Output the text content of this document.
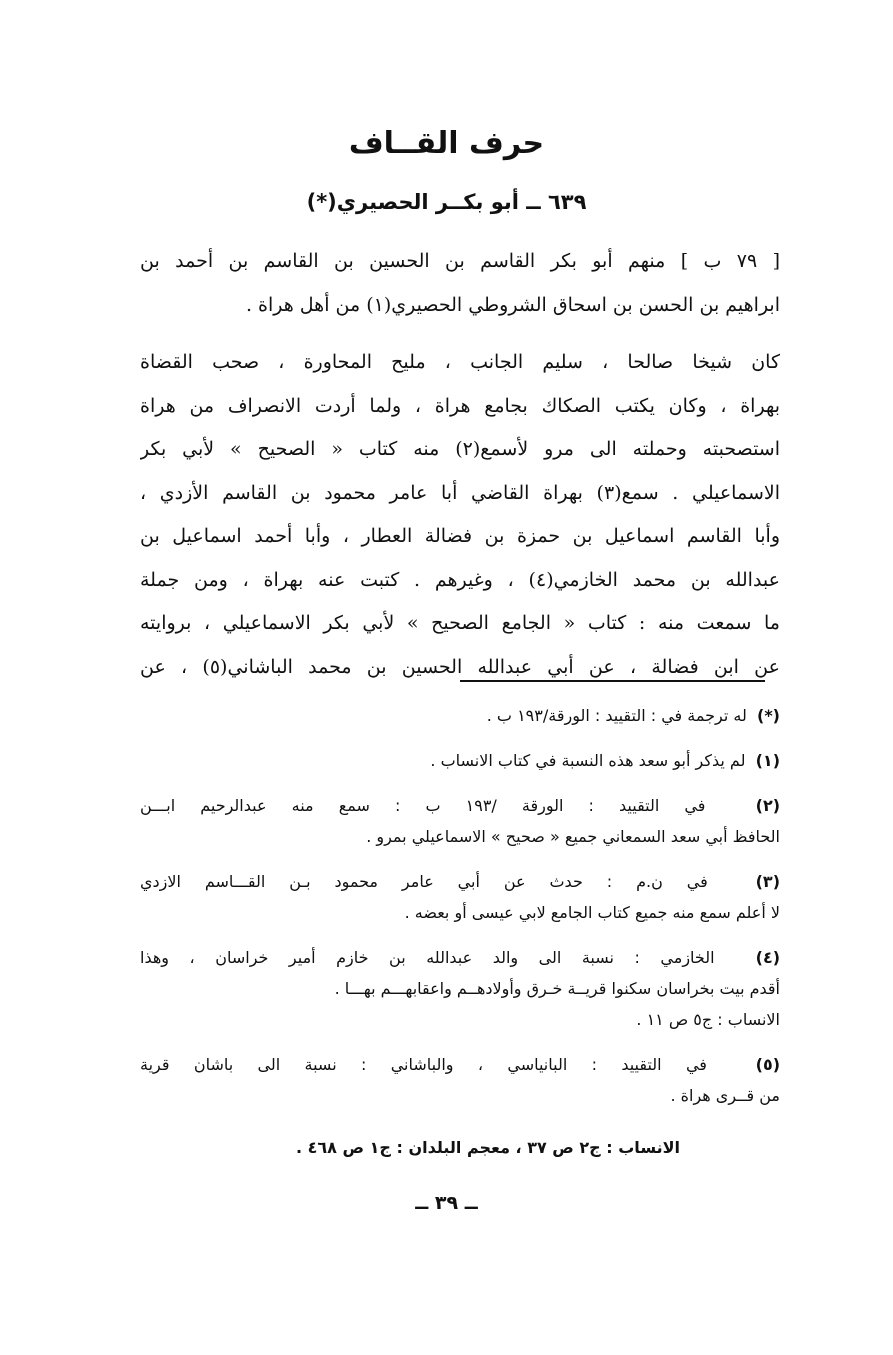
حرف القــاف
٦٣٩ ــ أبو بكــر الحصيري(*)
[ ٧٩ ب ] منهم أبو بكر القاسم بن الحسين بن القاسم بن أحمد بن
ابراهيم بن الحسن بن اسحاق الشروطي الحصيري(١) من أهل هراة .
كان شيخا صالحا ، سليم الجانب ، مليح المحاورة ، صحب القضاة
بهراة ، وكان يكتب الصكاك بجامع هراة ، ولما أردت الانصراف من هراة
استصحبته وحملته الى مرو لأسمع(٢) منه كتاب « الصحيح » لأبي بكر
الاسماعيلي . سمع(٣) بهراة القاضي أبا عامر محمود بن القاسم الأزدي ،
وأبا القاسم اسماعيل بن حمزة بن فضالة العطار ، وأبا أحمد اسماعيل بن
عبدالله بن محمد الخازمي(٤) ، وغيرهم . كتبت عنه بهراة ، ومن جملة
ما سمعت منه : كتاب « الجامع الصحيح » لأبي بكر الاسماعيلي ، بروايته
عن ابن فضالة ، عن أبي عبدالله الحسين بن محمد الباشاني(٥) ، عن
(*)  له ترجمة في : التقييد : الورقة/١٩٣ ب .
(١)  لم يذكر أبو سعد هذه النسبة في كتاب الانساب .
(٢)  في التقييد : الورقة /١٩٣ ب : سمع منه عبدالرحيم ابـــن
الحافظ أبي سعد السمعاني جميع « صحيح » الاسماعيلي بمرو .
(٣)  في ن.م : حدث عن أبي عامر محمود بـن القـــاسم الازدي
لا أعلم سمع منه جميع كتاب الجامع لابي عيسى أو بعضه .
(٤)  الخازمي : نسبة الى والد عبدالله بن خازم أمير خراسان ، وهذا
أقدم بيت بخراسان سكنوا قريــة خـرق وأولادهــم واعقابهـــم بهـــا .
الانساب : ج٥ ص ١١ .
(٥)  في التقييد : البانياسي ، والباشاني : نسبة الى باشان قرية
من قــرى هراة .
الانساب : ج٢ ص ٣٧ ، معجم البلدان : ج١ ص ٤٦٨ .
ــ ٣٩ ــ
